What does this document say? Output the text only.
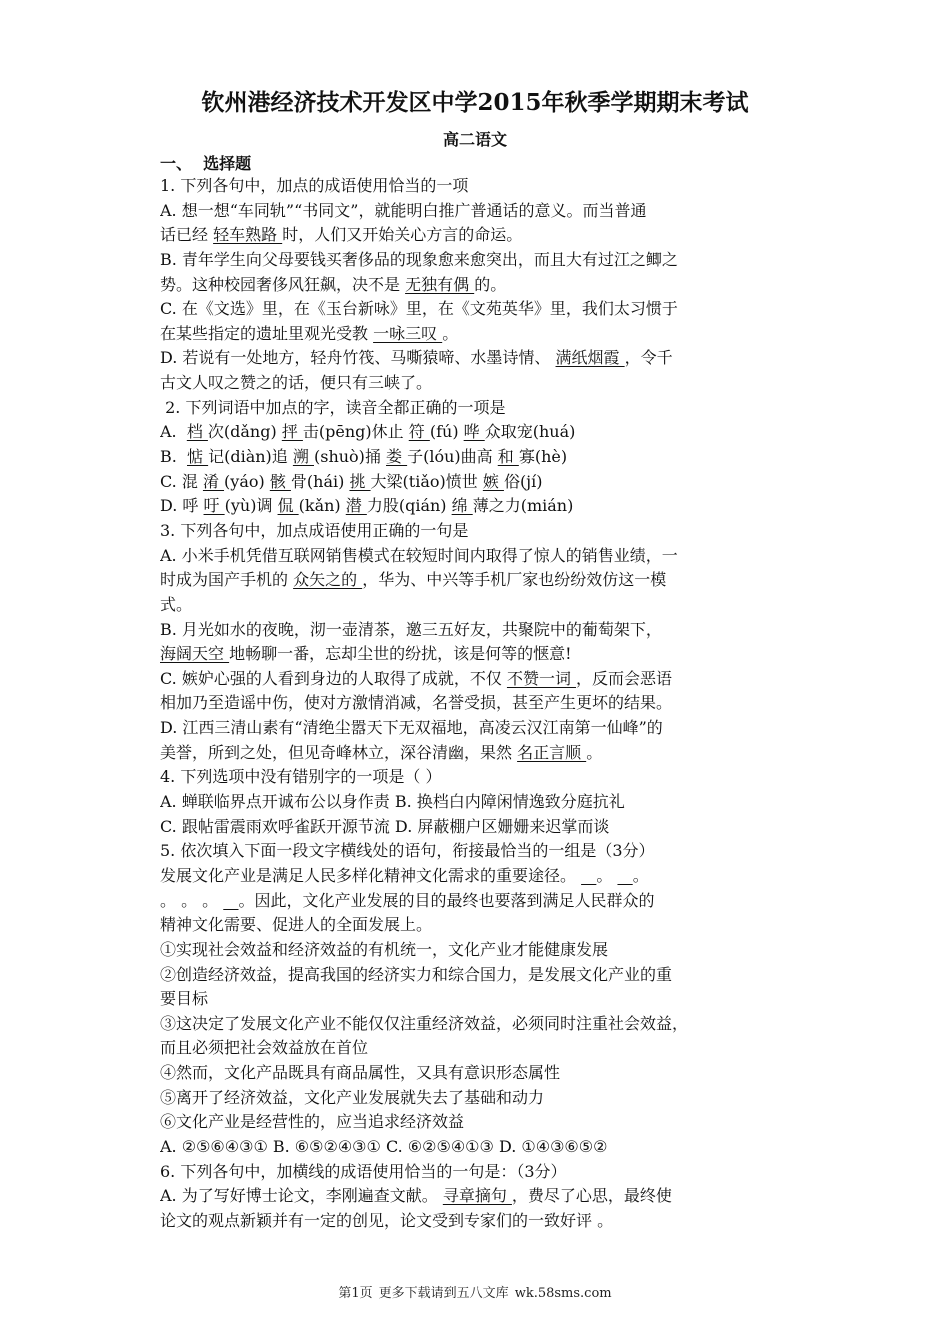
钦州港经济技术开发区中学2015年秋季学期期末考试
高二语文
一、  选择题
1. 下列各句中，加点的成语使用恰当的一项
A. 想一想“车同轨”“书同文”，就能明白推广普通话的意义。而当普通
话已经 轻车熟路 时，人们又开始关心方言的命运。
B. 青年学生向父母要钱买奢侈品的现象愈来愈突出，而且大有过江之鲫之
势。这种校园奢侈风狂飙，决不是 无独有偶 的。
C. 在《文选》里，在《玉台新咏》里，在《文苑英华》里，我们太习惯于
在某些指定的遗址里观光受教 一咏三叹 。
D. 若说有一处地方，轻舟竹筏、马嘶猿啼、水墨诗情、 满纸烟霞 ，令千
古文人叹之赞之的话，便只有三峡了。
2. 下列词语中加点的字，读音全都正确的一项是
A.  档 次(dǎng) 抨 击(pēng)休止 符 (fú) 哗 众取宠(huá)
B.  惦 记(diàn)追 溯 (shuò)捅 娄 子(lóu)曲高 和 寡(hè)
C. 混 淆 (yáo) 骸 骨(hái) 挑 大梁(tiǎo)愤世 嫉 俗(jí)
D. 呼 吁 (yù)调 侃 (kǎn) 潜 力股(qián) 绵 薄之力(mián)
3. 下列各句中，加点成语使用正确的一句是
A. 小米手机凭借互联网销售模式在较短时间内取得了惊人的销售业绩，一
时成为国产手机的 众矢之的 ，华为、中兴等手机厂家也纷纷效仿这一模
式。
B. 月光如水的夜晚，沏一壶清茶，邀三五好友，共聚院中的葡萄架下，
海阔天空 地畅聊一番，忘却尘世的纷扰，该是何等的惬意!
C. 嫉妒心强的人看到身边的人取得了成就，不仅 不赞一词 ，反而会恶语
相加乃至造谣中伤，使对方激情消减，名誉受损，甚至产生更坏的结果。
D. 江西三清山素有“清绝尘嚣天下无双福地，高凌云汉江南第一仙峰”的
美誉，所到之处，但见奇峰林立，深谷清幽，果然 名正言顺 。
4. 下列选项中没有错别字的一项是（ ）
A. 蝉联临界点开诚布公以身作责 B. 换档白内障闲情逸致分庭抗礼
C. 跟帖雷震雨欢呼雀跃开源节流 D. 屏蔽棚户区姗姗来迟掌而谈
5. 依次填入下面一段文字横线处的语句，衔接最恰当的一组是（3分）
发展文化产业是满足人民多样化精神文化需求的重要途径。    。    。
。 。 。    。因此，文化产业发展的目的最终也要落到满足人民群众的
精神文化需要、促进人的全面发展上。
①实现社会效益和经济效益的有机统一，文化产业才能健康发展
②创造经济效益，提高我国的经济实力和综合国力，是发展文化产业的重
要目标
③这决定了发展文化产业不能仅仅注重经济效益，必须同时注重社会效益，
而且必须把社会效益放在首位
④然而，文化产品既具有商品属性，又具有意识形态属性
⑤离开了经济效益，文化产业发展就失去了基础和动力
⑥文化产业是经营性的，应当追求经济效益
A. ②⑤⑥④③① B. ⑥⑤②④③① C. ⑥②⑤④①③ D. ①④③⑥⑤②
6. 下列各句中，加横线的成语使用恰当的一句是：（3分）
A. 为了写好博士论文，李刚遍查文献。 寻章摘句 ，费尽了心思，最终使
论文的观点新颖并有一定的创见，论文受到专家们的一致好评 。
第1页 更多下载请到五八文库 wk.58sms.com
